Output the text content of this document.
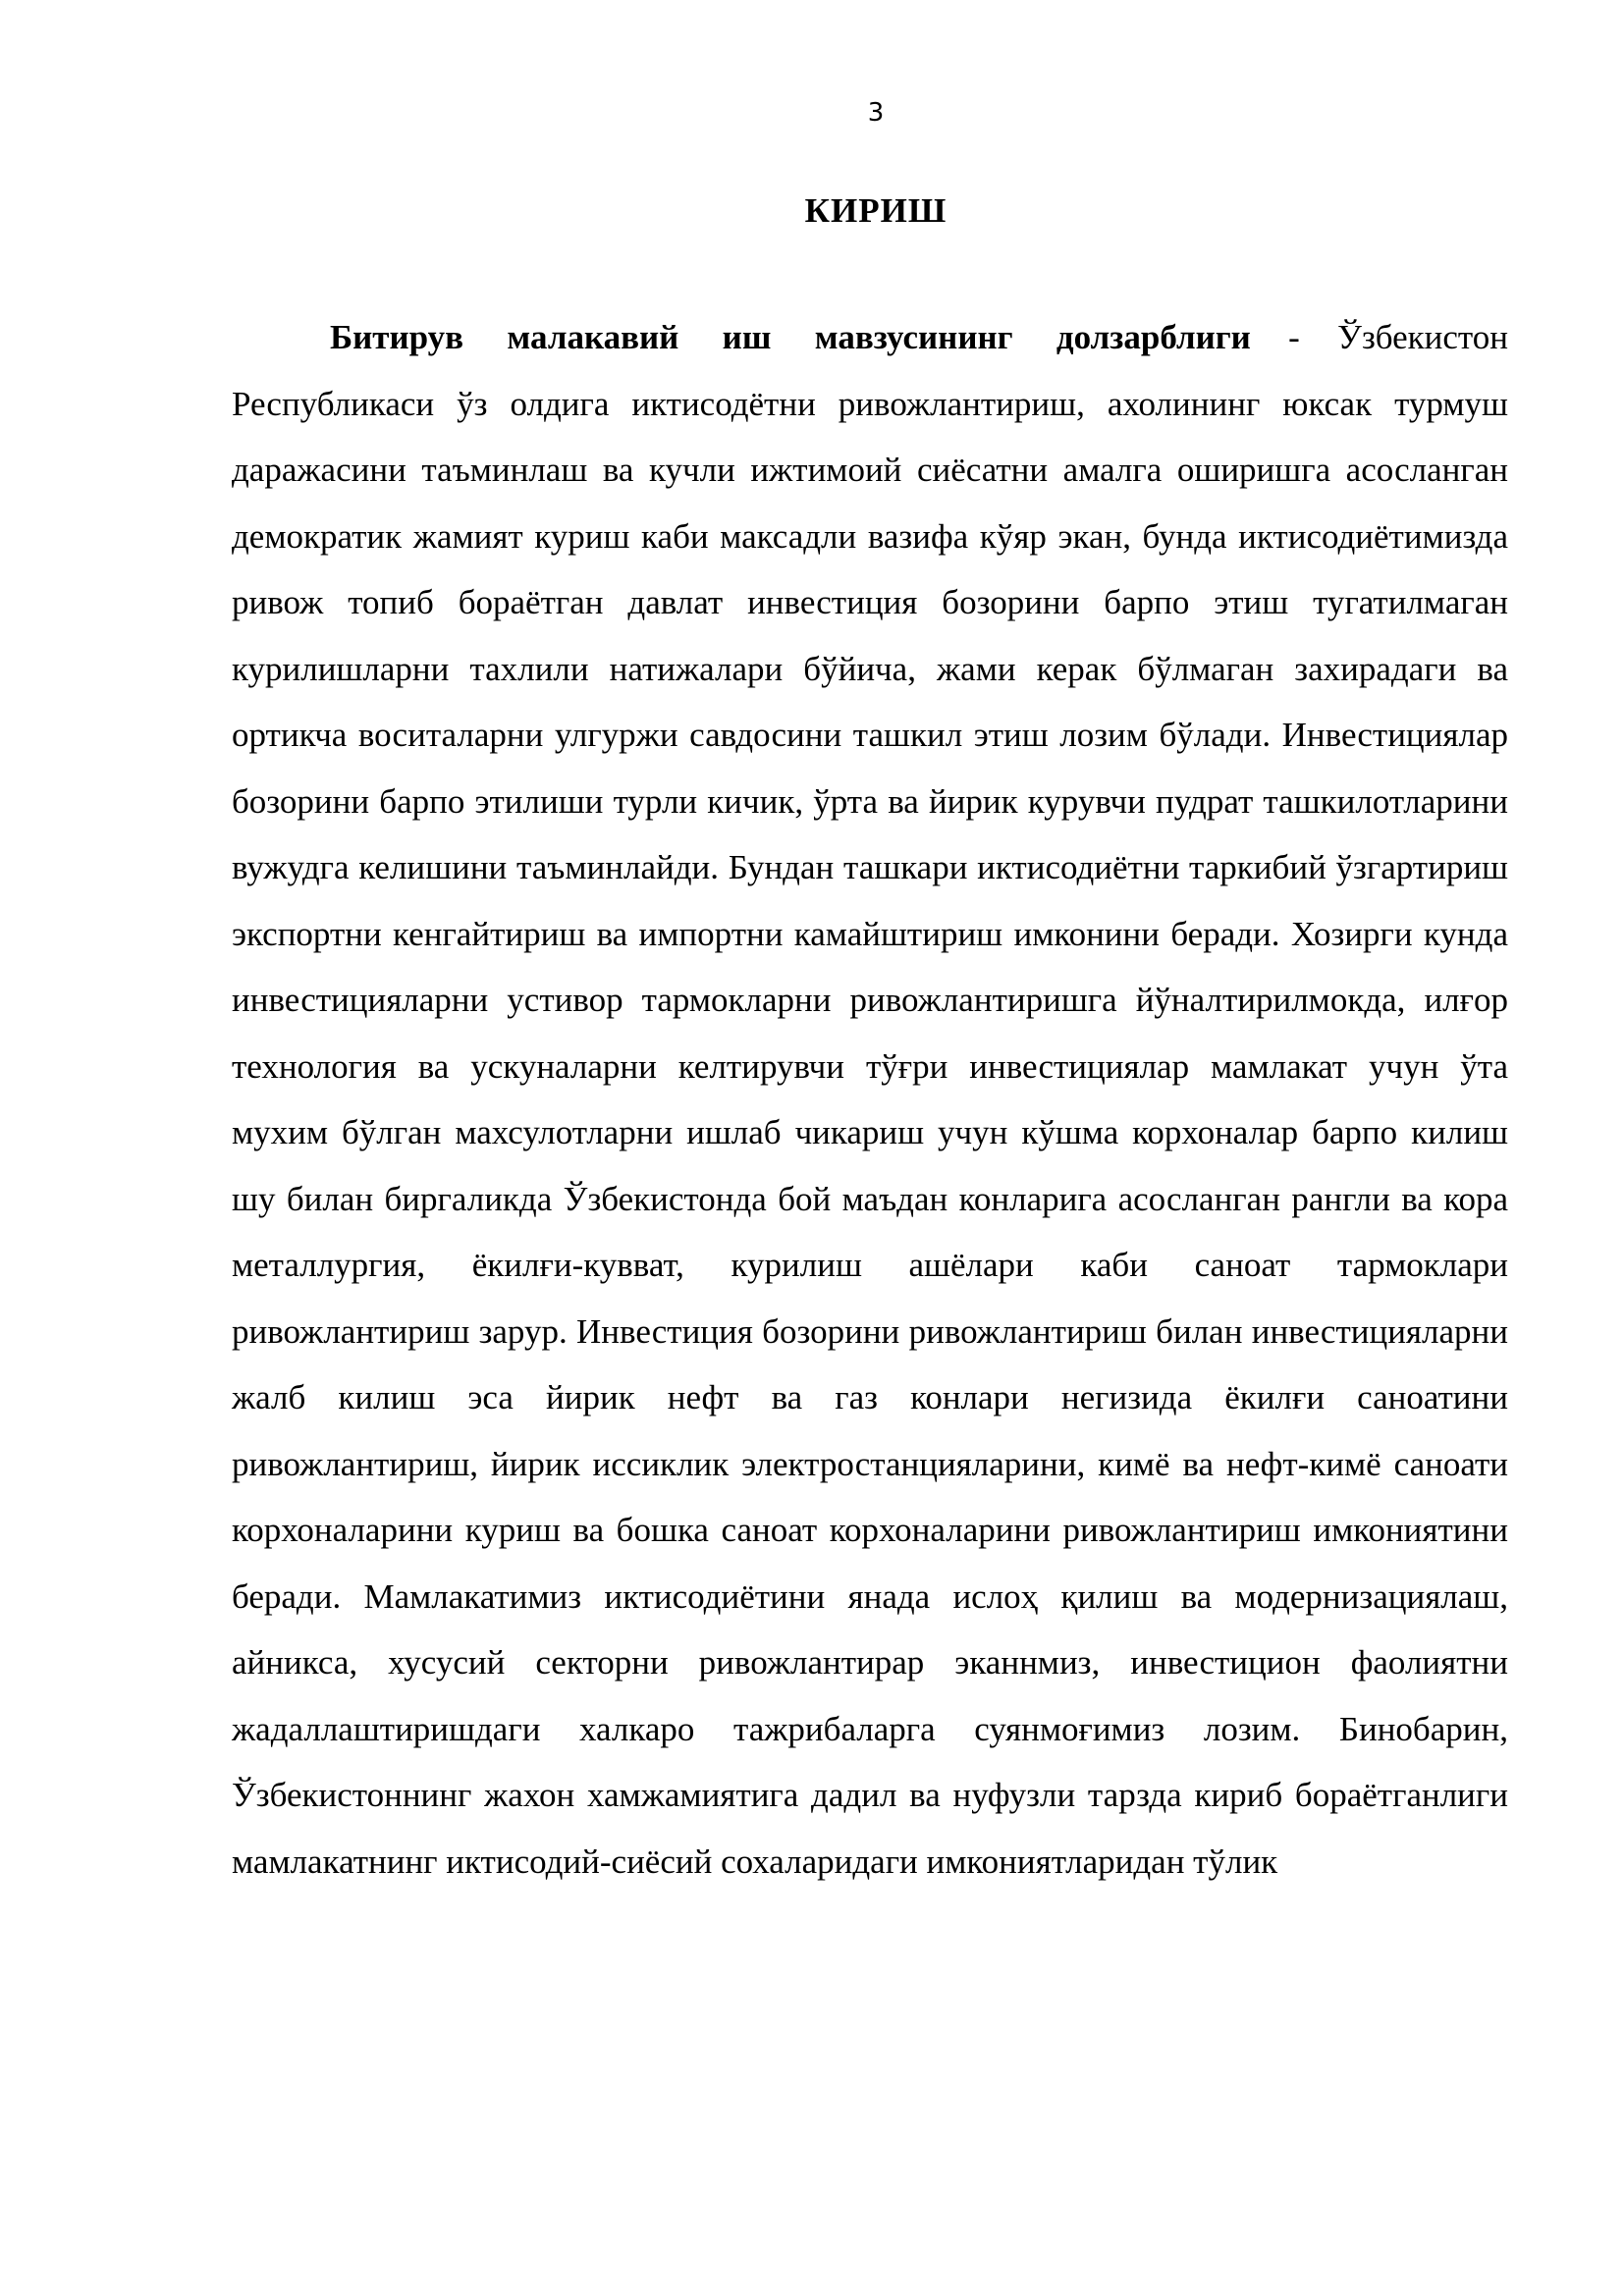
3
КИРИШ

Битирув малакавий иш мавзусининг долзарблиги - Ўзбекистон Республикаси ўз олдига иктисодётни ривожлантириш, ахолининг юксак турмуш даражасини таъминлаш ва кучли ижтимоий сиёсатни амалга оширишга асосланган демократик жамият куриш каби максадли вазифа кўяр экан, бунда иктисодиётимизда ривож топиб бораётган давлат инвестиция бозорини барпо этиш тугатилмаган курилишларни тахлили натижалари бўйича, жами керак бўлмаган захирадаги ва ортикча воситаларни улгуржи савдосини ташкил этиш лозим бўлади. Инвестициялар бозорини барпо этилиши турли кичик, ўрта ва йирик курувчи пудрат ташкилотларини вужудга келишини таъминлайди. Бундан ташкари иктисодиётни таркибий ўзгартириш экспортни кенгайтириш ва импортни камайштириш имконини беради. Хозирги кунда инвестицияларни устивор тармокларни ривожлантиришга йўналтирилмокда, илғор технология ва ускуналарни келтирувчи тўғри инвестициялар мамлакат учун ўта мухим бўлган махсулотларни ишлаб чикариш учун кўшма корхоналар барпо килиш шу билан биргаликда Ўзбекистонда бой маъдан конларига асосланган рангли ва кора металлургия, ёкилғи-кувват, курилиш ашёлари каби саноат тармоклари ривожлантириш зарур. Инвестиция бозорини ривожлантириш билан инвестицияларни жалб килиш эса йирик нефт ва газ конлари негизида ёкилғи саноатини ривожлантириш, йирик иссиклик электростанцияларини, кимё ва нефт-кимё саноати корхоналарини куриш ва бошка саноат корхоналарини ривожлантириш имкониятини беради. Мамлакатимиз иктисодиётини янада ислоҳ қилиш ва модернизациялаш, айникса, хусусий секторни ривожлантирар эканнмиз, инвестицион фаолиятни жадаллаштиришдаги халкаро тажрибаларга суянмоғимиз лозим. Бинобарин, Ўзбекистоннинг жахон хамжамиятига дадил ва нуфузли тарзда кириб бораётганлиги мамлакатнинг иктисодий-сиёсий сохаларидаги имкониятларидан тўлик
